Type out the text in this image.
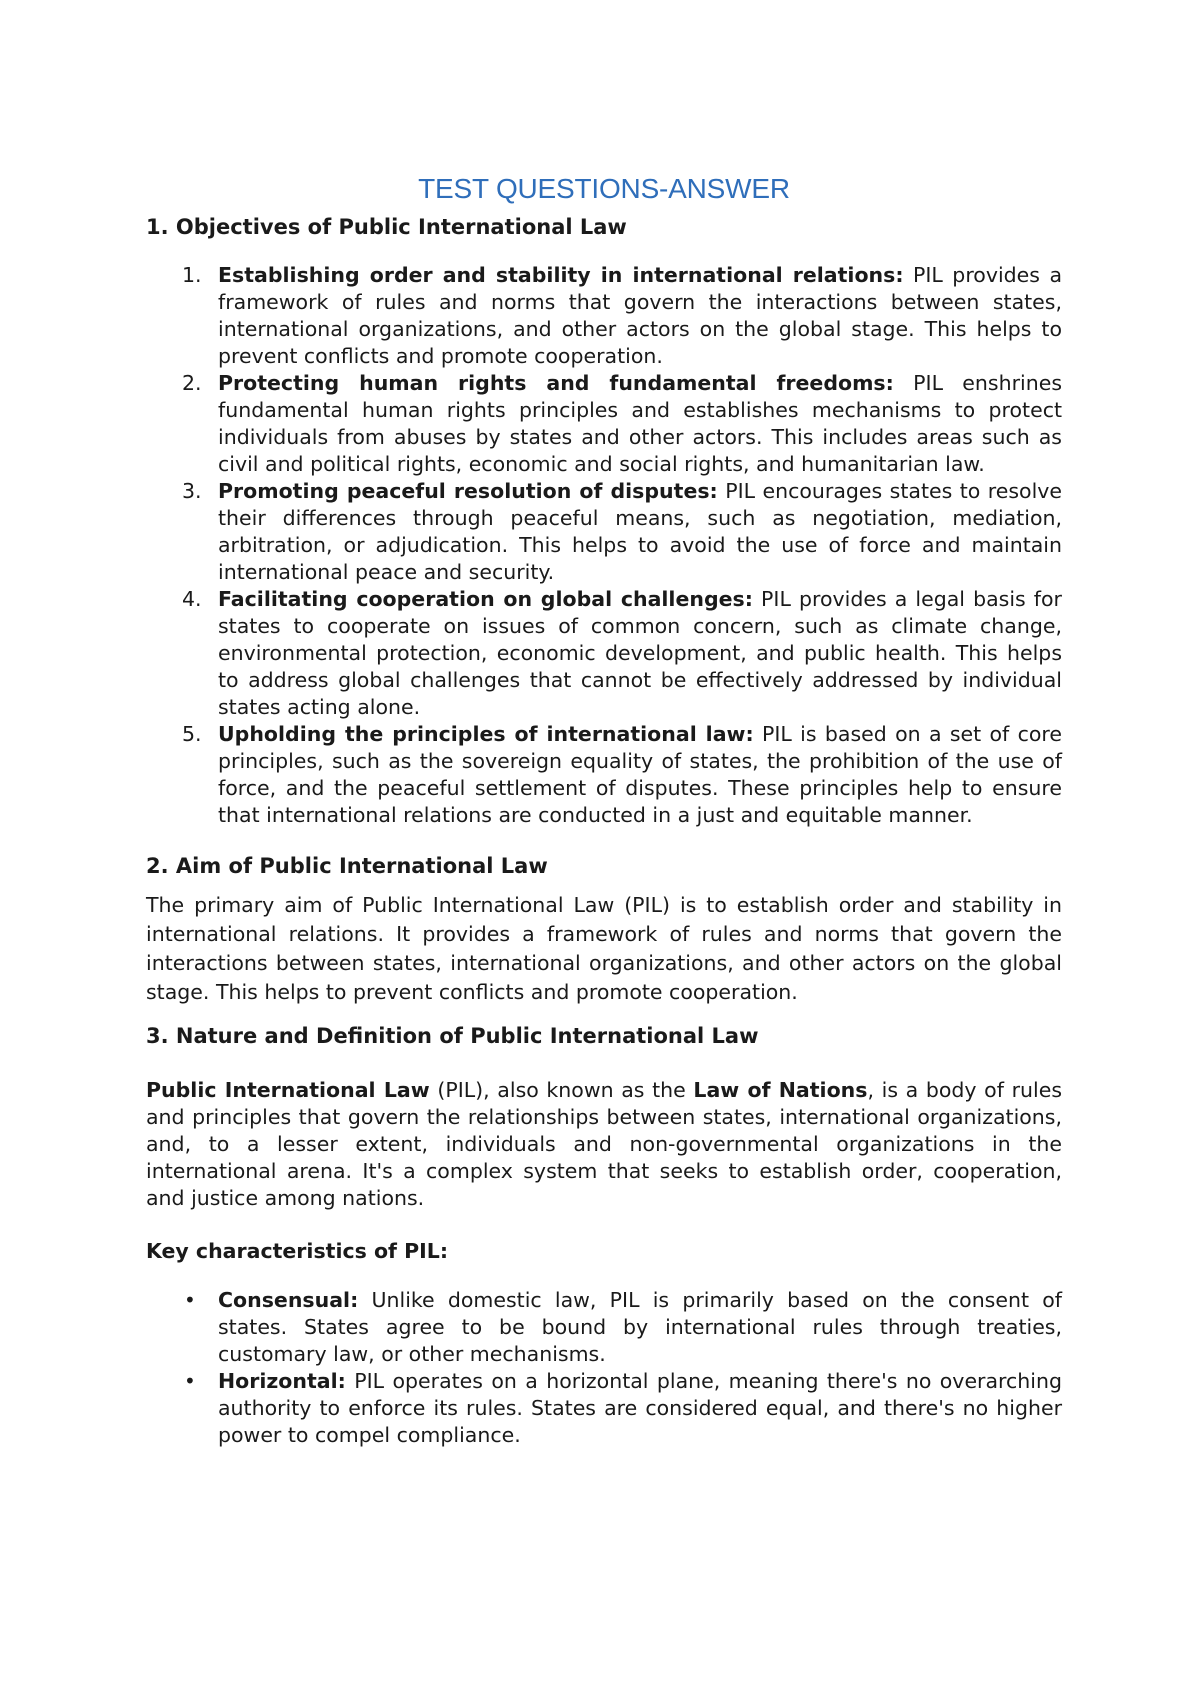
TEST QUESTIONS-ANSWER
1. Objectives of Public International Law
1. Establishing order and stability in international relations: PIL provides a framework of rules and norms that govern the interactions between states, international organizations, and other actors on the global stage. This helps to prevent conflicts and promote cooperation.
2. Protecting human rights and fundamental freedoms: PIL enshrines fundamental human rights principles and establishes mechanisms to protect individuals from abuses by states and other actors. This includes areas such as civil and political rights, economic and social rights, and humanitarian law.
3. Promoting peaceful resolution of disputes: PIL encourages states to resolve their differences through peaceful means, such as negotiation, mediation, arbitration, or adjudication. This helps to avoid the use of force and maintain international peace and security.
4. Facilitating cooperation on global challenges: PIL provides a legal basis for states to cooperate on issues of common concern, such as climate change, environmental protection, economic development, and public health. This helps to address global challenges that cannot be effectively addressed by individual states acting alone.
5. Upholding the principles of international law: PIL is based on a set of core principles, such as the sovereign equality of states, the prohibition of the use of force, and the peaceful settlement of disputes. These principles help to ensure that international relations are conducted in a just and equitable manner.
2. Aim of Public International Law

The primary aim of Public International Law (PIL) is to establish order and stability in international relations. It provides a framework of rules and norms that govern the interactions between states, international organizations, and other actors on the global stage. This helps to prevent conflicts and promote cooperation.

3. Nature and Definition of Public International Law

Public International Law (PIL), also known as the Law of Nations, is a body of rules and principles that govern the relationships between states, international organizations, and, to a lesser extent, individuals and non-governmental organizations in the international arena. It's a complex system that seeks to establish order, cooperation, and justice among nations.

Key characteristics of PIL:

• Consensual: Unlike domestic law, PIL is primarily based on the consent of states. States agree to be bound by international rules through treaties, customary law, or other mechanisms.
• Horizontal: PIL operates on a horizontal plane, meaning there's no overarching authority to enforce its rules. States are considered equal, and there's no higher power to compel compliance.
